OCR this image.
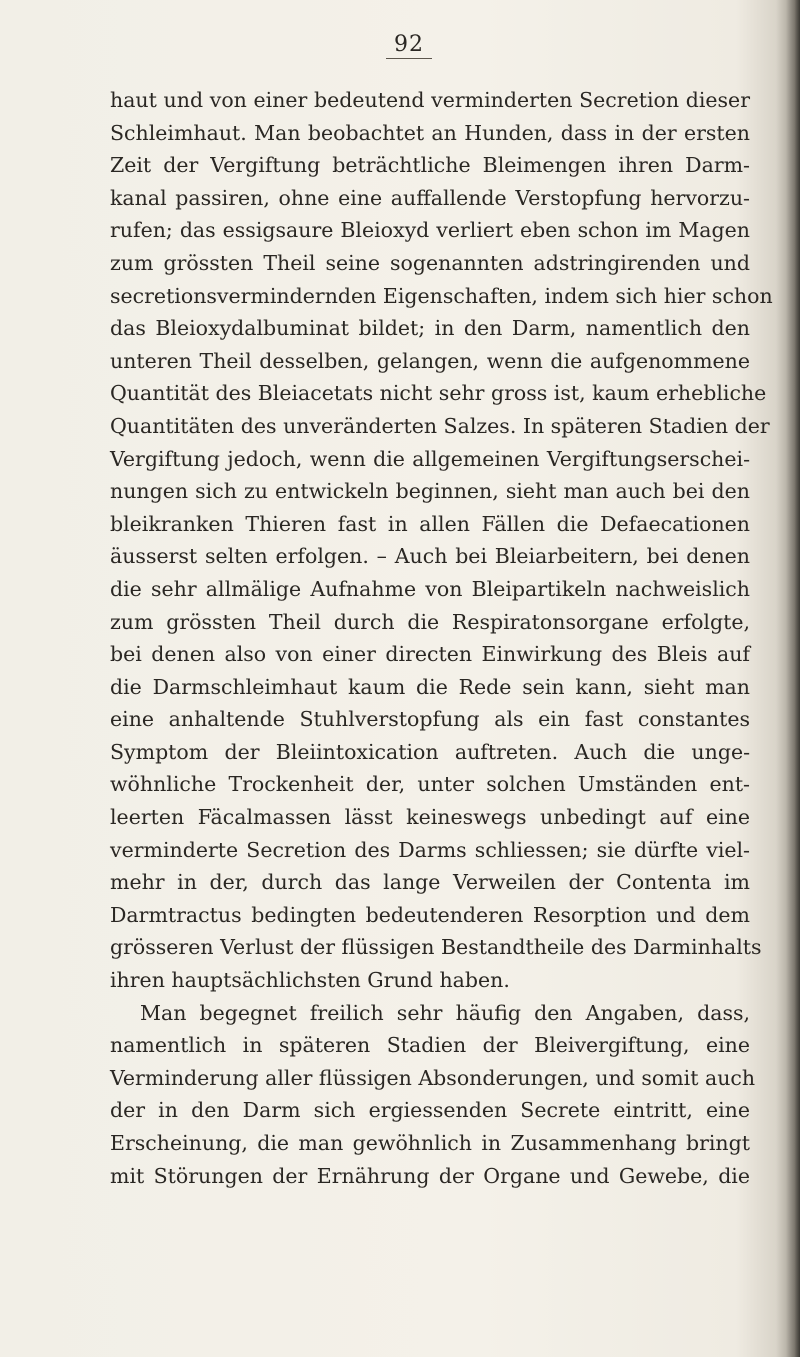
92
haut und von einer bedeutend verminderten Secretion dieser
Schleimhaut. Man beobachtet an Hunden, dass in der ersten
Zeit der Vergiftung beträchtliche Bleimengen ihren Darm-
kanal passiren, ohne eine auffallende Verstopfung hervorzu-
rufen; das essigsaure Bleioxyd verliert eben schon im Magen
zum grössten Theil seine sogenannten adstringirenden und
secretionsvermindernden Eigenschaften, indem sich hier schon
das Bleioxydalbuminat bildet; in den Darm, namentlich den
unteren Theil desselben, gelangen, wenn die aufgenommene
Quantität des Bleiacetats nicht sehr gross ist, kaum erhebliche
Quantitäten des unveränderten Salzes. In späteren Stadien der
Vergiftung jedoch, wenn die allgemeinen Vergiftungserschei-
nungen sich zu entwickeln beginnen, sieht man auch bei den
bleikranken Thieren fast in allen Fällen die Defaecationen
äusserst selten erfolgen. – Auch bei Bleiarbeitern, bei denen
die sehr allmälige Aufnahme von Bleipartikeln nachweislich
zum grössten Theil durch die Respiratonsorgane erfolgte,
bei denen also von einer directen Einwirkung des Bleis auf
die Darmschleimhaut kaum die Rede sein kann, sieht man
eine anhaltende Stuhlverstopfung als ein fast constantes
Symptom der Bleiintoxication auftreten. Auch die unge-
wöhnliche Trockenheit der, unter solchen Umständen ent-
leerten Fäcalmassen lässt keineswegs unbedingt auf eine
verminderte Secretion des Darms schliessen; sie dürfte viel-
mehr in der, durch das lange Verweilen der Contenta im
Darmtractus bedingten bedeutenderen Resorption und dem
grösseren Verlust der flüssigen Bestandtheile des Darminhalts
ihren hauptsächlichsten Grund haben.
Man begegnet freilich sehr häufig den Angaben, dass,
namentlich in späteren Stadien der Bleivergiftung, eine
Verminderung aller flüssigen Absonderungen, und somit auch
der in den Darm sich ergiessenden Secrete eintritt, eine
Erscheinung, die man gewöhnlich in Zusammenhang bringt
mit Störungen der Ernährung der Organe und Gewebe, die
